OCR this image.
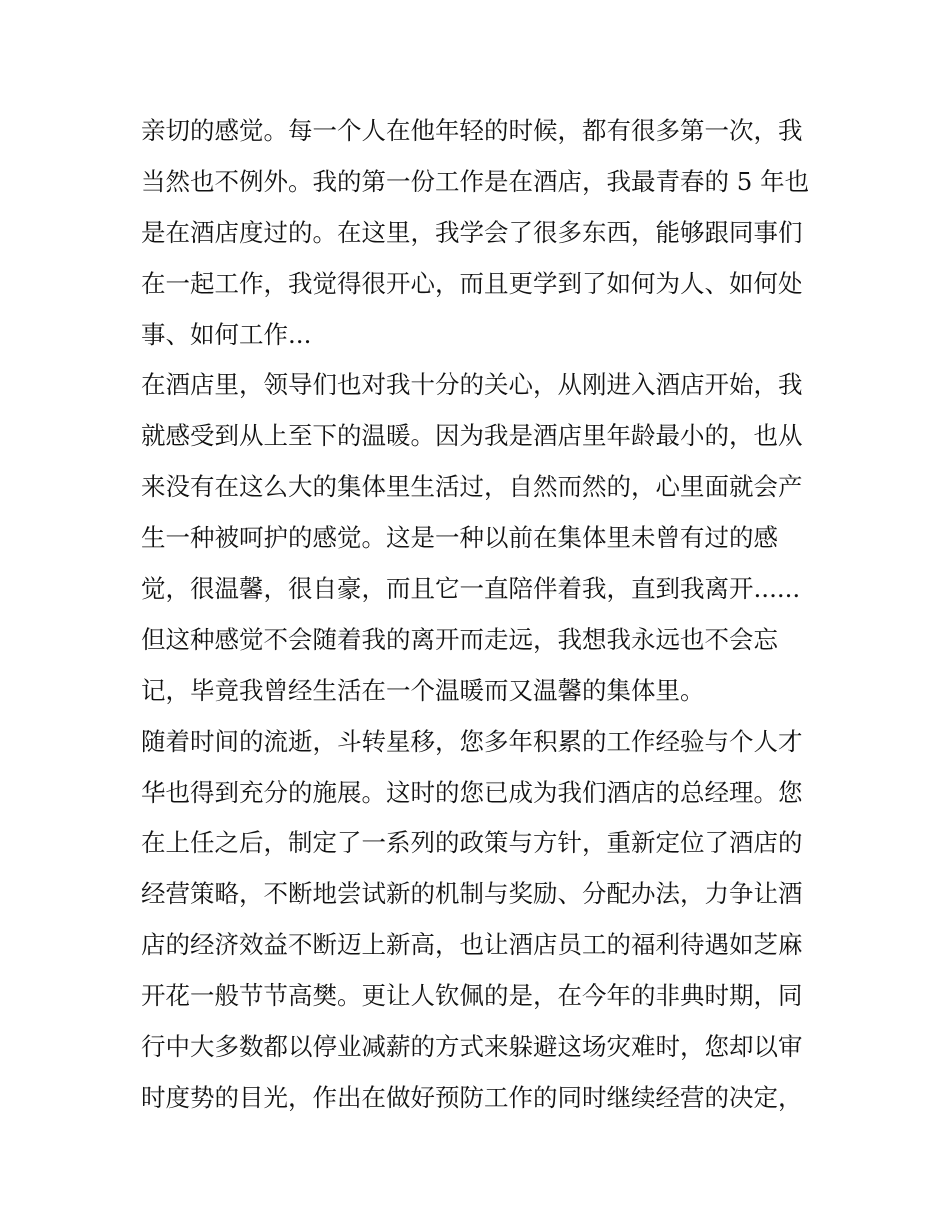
亲切的感觉。每一个人在他年轻的时候，都有很多第一次，我
当然也不例外。我的第一份工作是在酒店，我最青春的 5 年也
是在酒店度过的。在这里，我学会了很多东西，能够跟同事们
在一起工作，我觉得很开心，而且更学到了如何为人、如何处
事、如何工作...
在酒店里，领导们也对我十分的关心，从刚进入酒店开始，我
就感受到从上至下的温暖。因为我是酒店里年龄最小的，也从
来没有在这么大的集体里生活过，自然而然的，心里面就会产
生一种被呵护的感觉。这是一种以前在集体里未曾有过的感
觉，很温馨，很自豪，而且它一直陪伴着我，直到我离开......
但这种感觉不会随着我的离开而走远，我想我永远也不会忘
记，毕竟我曾经生活在一个温暖而又温馨的集体里。
随着时间的流逝，斗转星移，您多年积累的工作经验与个人才
华也得到充分的施展。这时的您已成为我们酒店的总经理。您
在上任之后，制定了一系列的政策与方针，重新定位了酒店的
经营策略，不断地尝试新的机制与奖励、分配办法，力争让酒
店的经济效益不断迈上新高，也让酒店员工的福利待遇如芝麻
开花一般节节高樊。更让人钦佩的是，在今年的非典时期，同
行中大多数都以停业减薪的方式来躲避这场灾难时，您却以审
时度势的目光，作出在做好预防工作的同时继续经营的决定，
